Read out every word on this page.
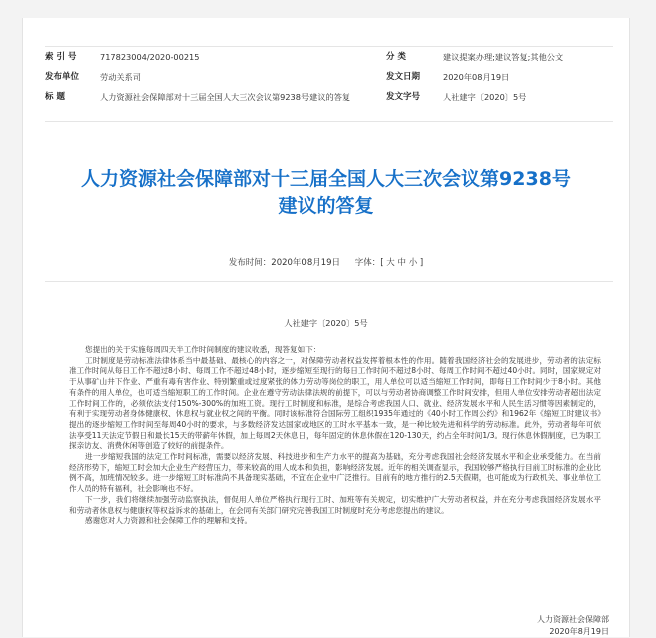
索 引 号	717823004/2020-00215	分 类	建议提案办理;建议答复;其他公文
发布单位	劳动关系司	发文日期	2020年08月19日
标 题	人力资源社会保障部对十三届全国人大三次会议第9238号建议的答复	发文字号	人社建字〔2020〕5号
人力资源社会保障部对十三届全国人大三次会议第9238号
建议的答复
发布时间：2020年08月19日 字体：[ 大 中 小 ]
人社建字〔2020〕5号

您提出的关于实施每周四天半工作时间制度的建议收悉，现答复如下：

工时制度是劳动标准法律体系当中最基础、最核心的内容之一，对保障劳动者权益发挥着根本性的作用。随着我国经济社会的发展进步，劳动者的法定标准工作时间从每日工作不超过8小时、每周工作不超过48小时，逐步缩短至现行的每日工作时间不超过8小时、每周工作时间不超过40小时。同时，国家规定对于从事矿山井下作业、严重有毒有害作业、特别繁重或过度紧张的体力劳动等岗位的职工，用人单位可以适当缩短工作时间，即每日工作时间少于8小时。其他有条件的用人单位，也可适当缩短职工的工作时间。企业在遵守劳动法律法规的前提下，可以与劳动者协商调整工作时间安排，但用人单位安排劳动者超出法定工作时间工作的，必须依法支付150%-300%的加班工资。现行工时制度和标准，是综合考虑我国人口、就业、经济发展水平和人民生活习惯等因素制定的，有利于实现劳动者身体健康权、休息权与就业权之间的平衡。同时该标准符合国际劳工组织1935年通过的《40小时工作周公约》和1962年《缩短工时建议书》提出的逐步缩短工作时间至每周40小时的要求，与多数经济发达国家或地区的工时水平基本一致，是一种比较先进和科学的劳动标准。此外，劳动者每年可依法享受11天法定节假日和最长15天的带薪年休假，加上每周2天休息日，每年固定的休息休假在120-130天，约占全年时间1/3。现行休息休假制度，已为职工探亲访友、消费休闲等创造了较好的前提条件。

进一步缩短我国的法定工作时间标准，需要以经济发展、科技进步和生产力水平的提高为基础，充分考虑我国社会经济发展水平和企业承受能力。在当前经济形势下，缩短工时会加大企业生产经营压力，带来较高的用人成本和负担，影响经济发展。近年的相关调查显示，我国较够严格执行目前工时标准的企业比例不高，加班情况较多。进一步缩短工时标准尚不具备现实基础，不宜在企业中广泛推行。目前有的地方推行的2.5天假期，也可能成为行政机关、事业单位工作人员的特有福利，社会影响也不好。

下一步，我们将继续加强劳动监察执法，督促用人单位严格执行现行工时、加班等有关规定，切实维护广大劳动者权益，并在充分考虑我国经济发展水平和劳动者休息权与健康权等权益诉求的基础上，在会同有关部门研究完善我国工时制度时充分考虑您提出的建议。

感谢您对人力资源和社会保障工作的理解和支持。

人力资源社会保障部
2020年8月19日
